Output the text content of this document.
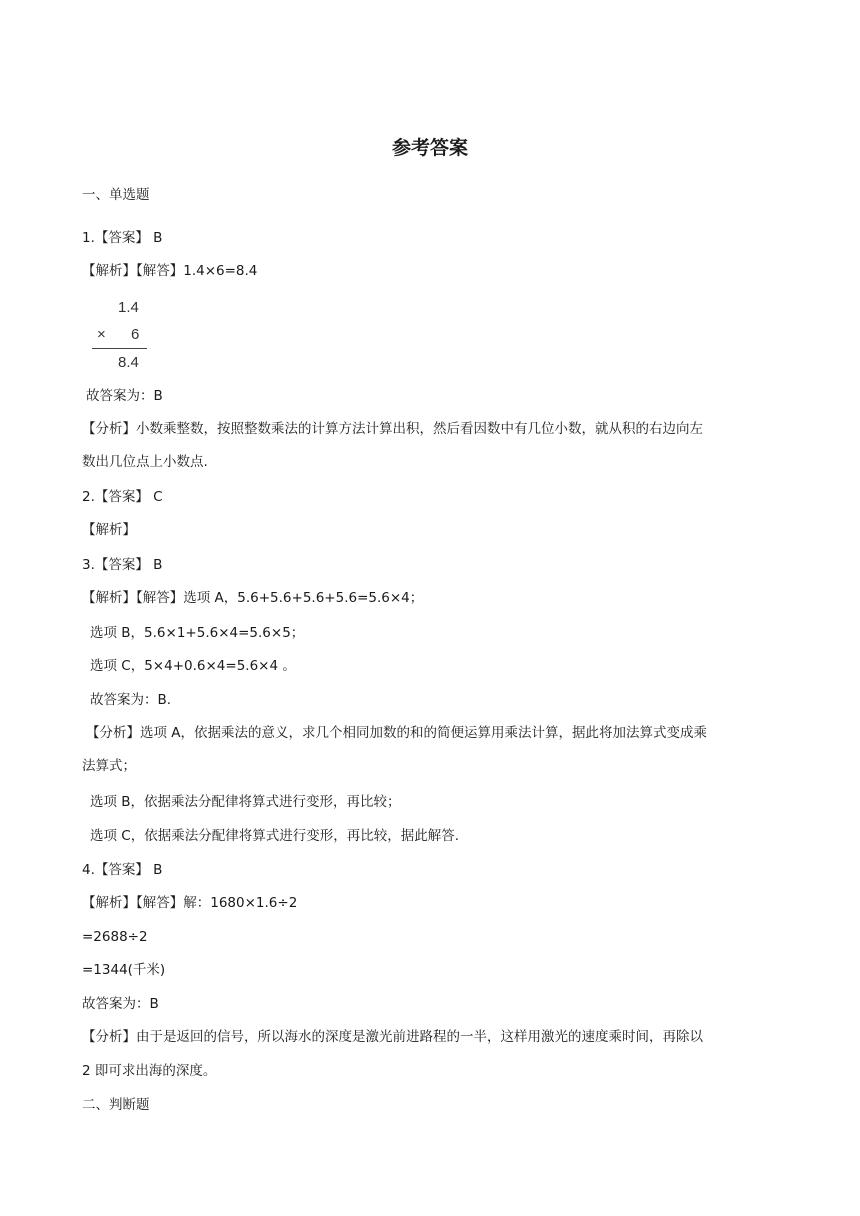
参考答案

一、单选题

1.【答案】 B

【解析】【解答】1.4×6=8.4

1.4
× 6
8.4

故答案为：B

【分析】小数乘整数，按照整数乘法的计算方法计算出积，然后看因数中有几位小数，就从积的右边向左

数出几位点上小数点.

2.【答案】 C

【解析】

3.【答案】 B

【解析】【解答】选项 A，5.6+5.6+5.6+5.6=5.6×4；

选项 B，5.6×1+5.6×4=5.6×5；

选项 C，5×4+0.6×4=5.6×4 。

故答案为：B.

【分析】选项 A，依据乘法的意义，求几个相同加数的和的简便运算用乘法计算，据此将加法算式变成乘

法算式；

选项 B，依据乘法分配律将算式进行变形，再比较；

选项 C，依据乘法分配律将算式进行变形，再比较，据此解答.

4.【答案】 B

【解析】【解答】解：1680×1.6÷2

=2688÷2

=1344(千米)

故答案为：B

【分析】由于是返回的信号，所以海水的深度是激光前进路程的一半，这样用激光的速度乘时间，再除以

2 即可求出海的深度。

二、判断题
